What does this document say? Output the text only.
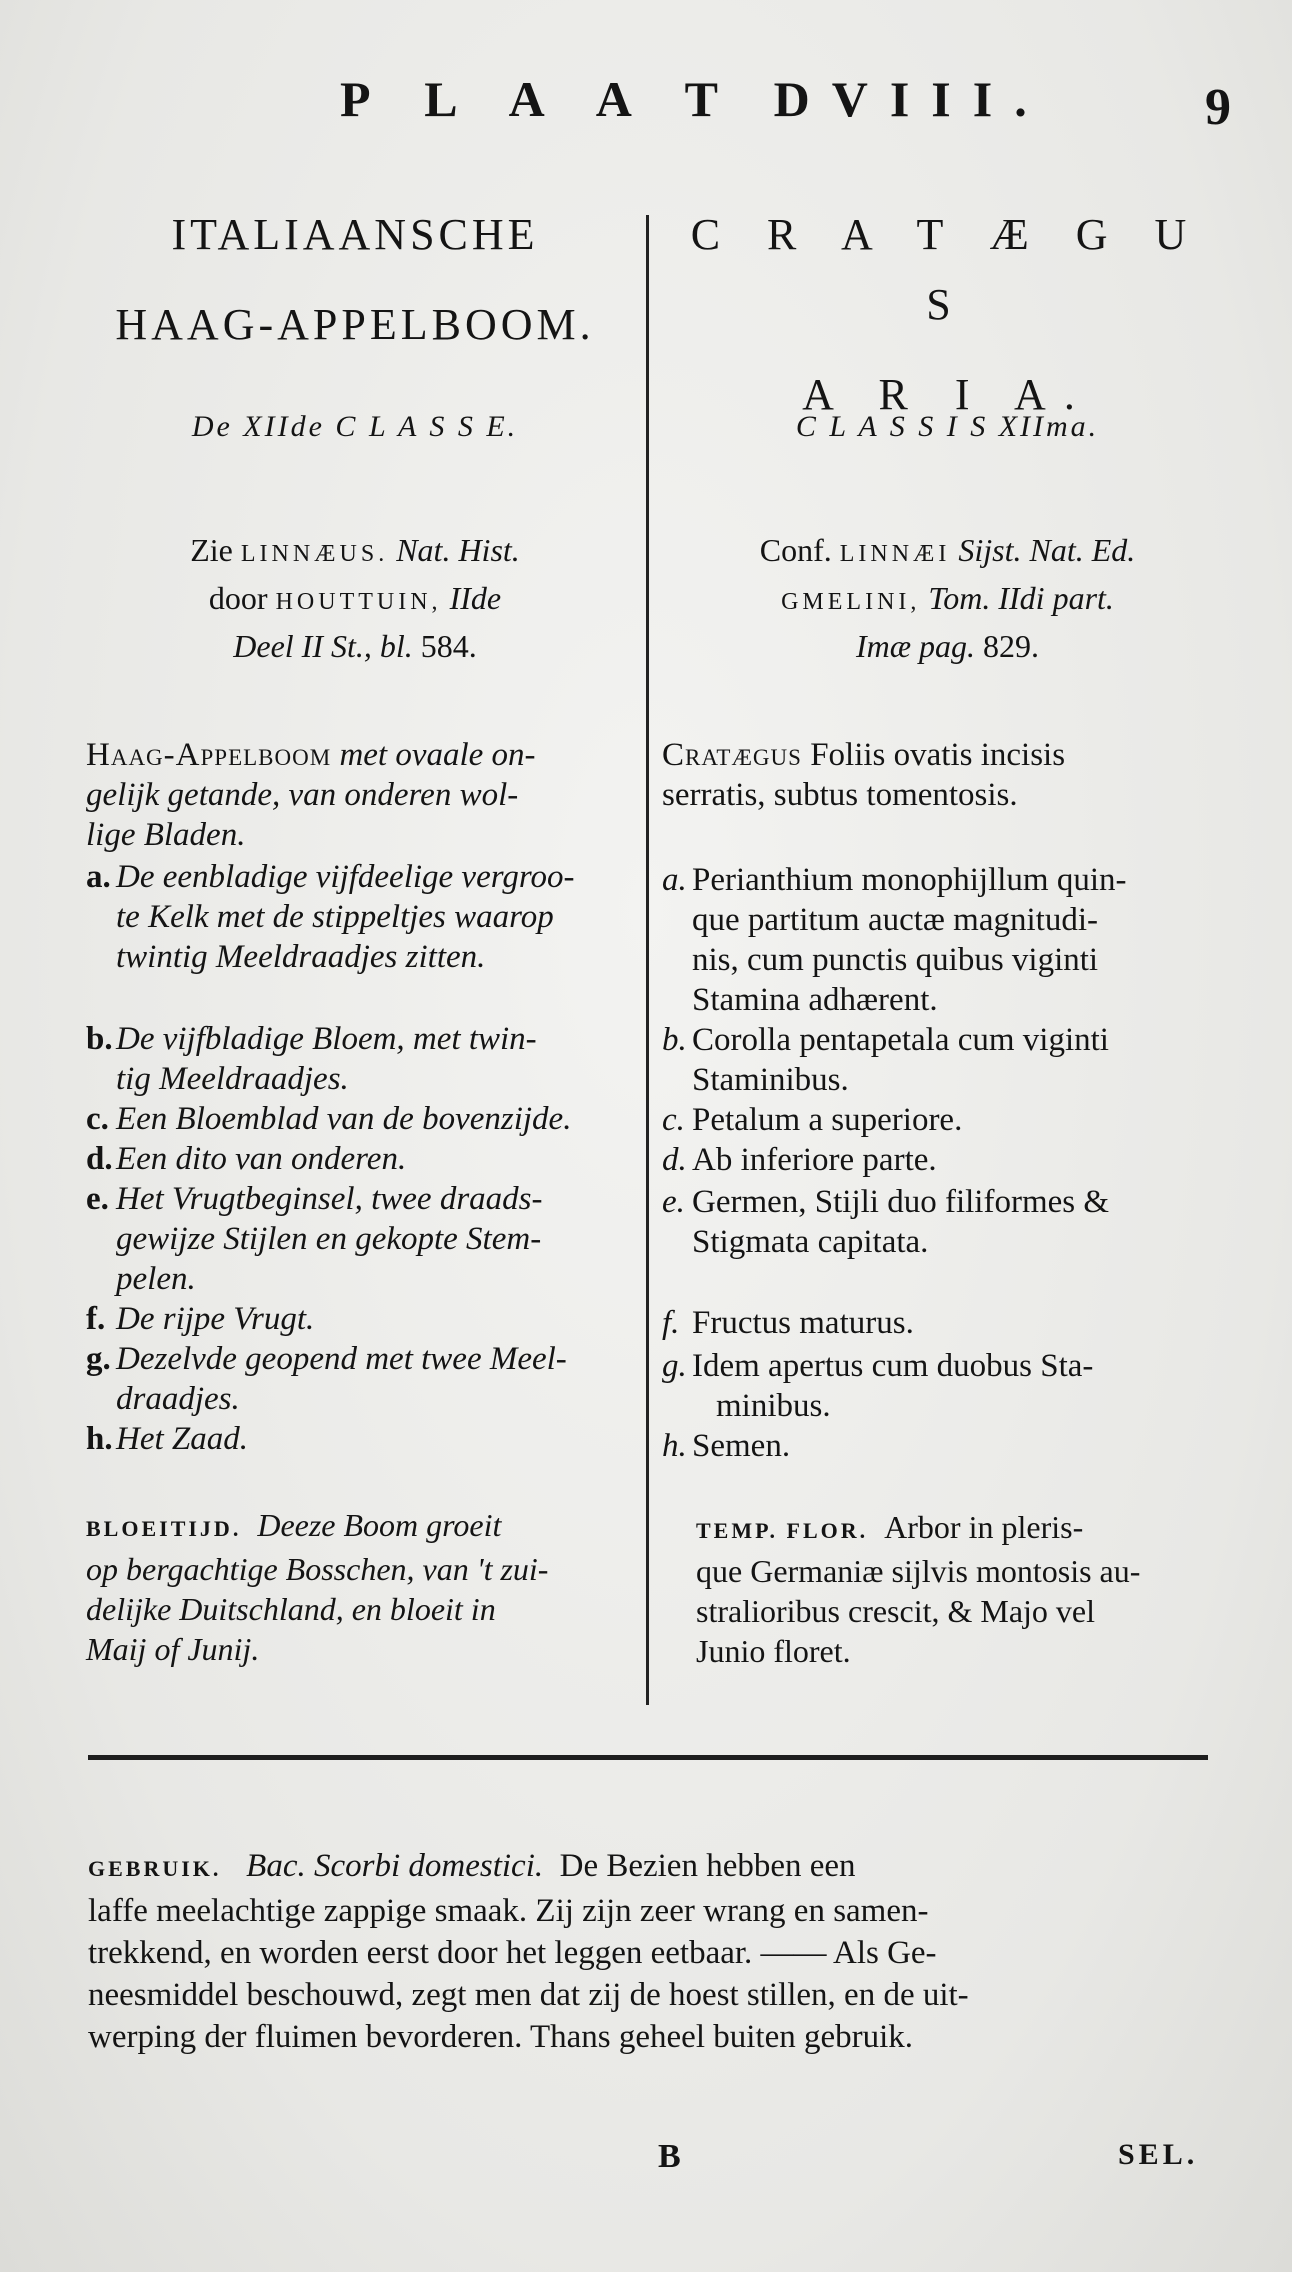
P L A A T DVIII.	9
ITALIAANSCHE
HAAG-APPELBOOM.
De XIIde C L A S S E.
Zie LINNÆUS. Nat. Hist.
door HOUTTUIN, IIde
Deel II St., bl. 584.
Haag-Appelboom met ovaale on-
gelijk getande, van onderen wol-
lige Bladen.
a. De eenbladige vijfdeelige vergroo-
te Kelk met de stippeltjes waarop
twintig Meeldraadjes zitten.
b. De vijfbladige Bloem, met twin-
tig Meeldraadjes.
c. Een Bloemblad van de bovenzijde.
d. Een dito van onderen.
e. Het Vrugtbeginsel, twee draads-
gewijze Stijlen en gekopte Stem-
pelen.
f. De rijpe Vrugt.
g. Dezelvde geopend met twee Meel-
draadjes.
h. Het Zaad.
BLOEITIJD. Deeze Boom groeit
op bergachtige Bosschen, van 't zui-
delijke Duitschland, en bloeit in
Maij of Junij.
C R A T Æ G U S
A R I A.
C L A S S I S XIIma.
Conf. LINNÆI Sijst. Nat. Ed.
GMELINI, Tom. IIdi part.
Imæ pag. 829.
Cratægus Foliis ovatis incisis
serratis, subtus tomentosis.
a. Perianthium monophijllum quin-
que partitum auctæ magnitudi-
nis, cum punctis quibus viginti
Stamina adhærent.
b. Corolla pentapetala cum viginti
Staminibus.
c. Petalum a superiore.
d. Ab inferiore parte.
e. Germen, Stijli duo filiformes &
Stigmata capitata.
f. Fructus maturus.
g. Idem apertus cum duobus Sta-
minibus.
h. Semen.
TEMP. FLOR. Arbor in pleris-
que Germaniæ sijlvis montosis au-
stralioribus crescit, & Majo vel
Junio floret.
GEBRUIK. Bac. Scorbi domestici. De Bezien hebben een
laffe meelachtige zappige smaak. Zij zijn zeer wrang en samen-
trekkend, en worden eerst door het leggen eetbaar. —— Als Ge-
neesmiddel beschouwd, zegt men dat zij de hoest stillen, en de uit-
werping der fluimen bevorderen. Thans geheel buiten gebruik.
B	SEL.
